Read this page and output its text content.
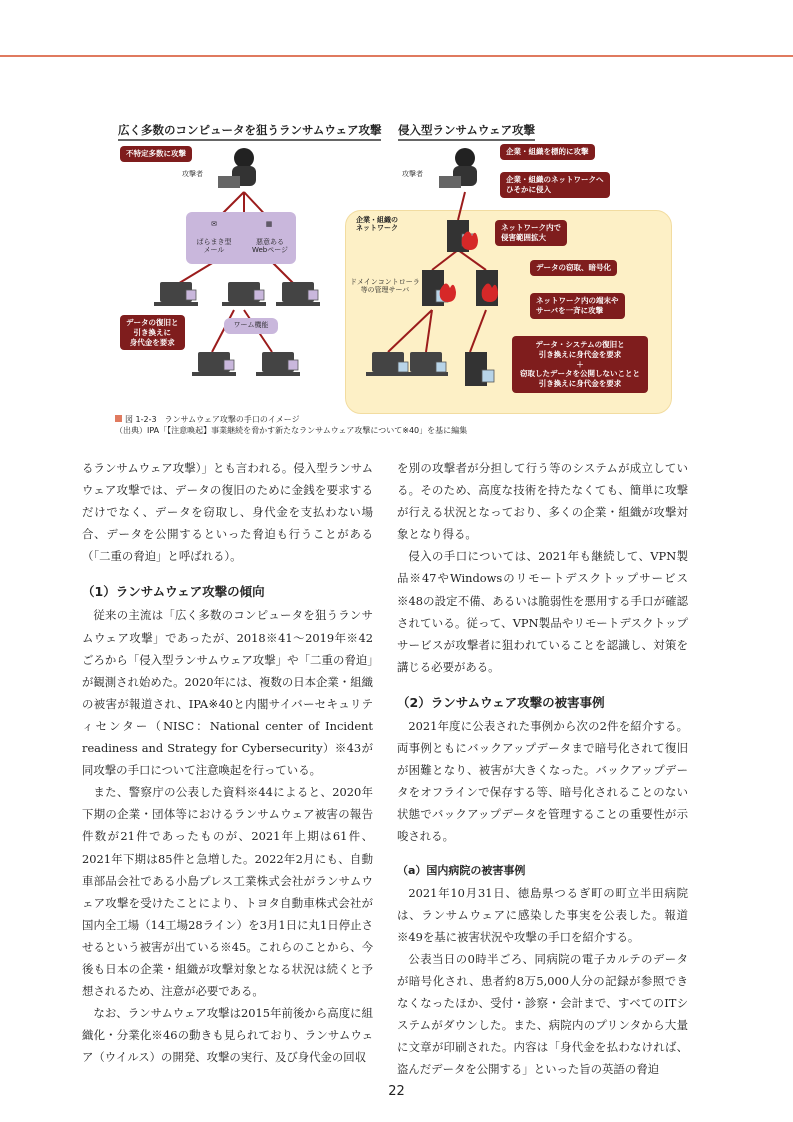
広く多数のコンピュータを狙うランサムウェア攻撃 侵入型ランサムウェア攻撃
✉	▦
ばらまき型
メール
悪意ある
Webページ
ワーム機能
不特定多数に攻撃
攻撃者
データの復旧と
引き換えに
身代金を要求
攻撃者
企業・組織を標的に攻撃
企業・組織のネットワークへ
ひそかに侵入
企業・組織の
ネットワーク	ネットワーク内で
侵害範囲拡大
データの窃取、暗号化
ドメインコントローラ
等の管理サーバ
ネットワーク内の端末や
サーバを一斉に攻撃
データ・システムの復旧と
引き換えに身代金を要求
＋
窃取したデータを公開しないことと
引き換えに身代金を要求
図 1-2-3　ランサムウェア攻撃の手口のイメージ
（出典）IPA「【注意喚起】事業継続を脅かす新たなランサムウェア攻撃について※40」を基に編集

るランサムウェア攻撃）」とも言われる。侵入型ランサムウェア攻撃では、データの復旧のために金銭を要求するだけでなく、データを窃取し、身代金を支払わない場合、データを公開するといった脅迫も行うことがある（「二重の脅迫」と呼ばれる）。

（1）ランサムウェア攻撃の傾向

従来の主流は「広く多数のコンピュータを狙うランサムウェア攻撃」であったが、2018※41～2019年※42ごろから「侵入型ランサムウェア攻撃」や「二重の脅迫」が観測され始めた。2020年には、複数の日本企業・組織の被害が報道され、IPA※40と内閣サイバーセキュリティセンター（NISC：National center of Incident readiness and Strategy for Cybersecurity）※43が同攻撃の手口について注意喚起を行っている。

また、警察庁の公表した資料※44によると、2020年下期の企業・団体等におけるランサムウェア被害の報告件数が21件であったものが、2021年上期は61件、2021年下期は85件と急増した。2022年2月にも、自動車部品会社である小島プレス工業株式会社がランサムウェア攻撃を受けたことにより、トヨタ自動車株式会社が国内全工場（14工場28ライン）を3月1日に丸1日停止させるという被害が出ている※45。これらのことから、今後も日本の企業・組織が攻撃対象となる状況は続くと予想されるため、注意が必要である。

なお、ランサムウェア攻撃は2015年前後から高度に組織化・分業化※46の動きも見られており、ランサムウェア（ウイルス）の開発、攻撃の実行、及び身代金の回収

を別の攻撃者が分担して行う等のシステムが成立している。そのため、高度な技術を持たなくても、簡単に攻撃が行える状況となっており、多くの企業・組織が攻撃対象となり得る。

侵入の手口については、2021年も継続して、VPN製品※47やWindowsのリモートデスクトップサービス※48の設定不備、あるいは脆弱性を悪用する手口が確認されている。従って、VPN製品やリモートデスクトップサービスが攻撃者に狙われていることを認識し、対策を講じる必要がある。

（2）ランサムウェア攻撃の被害事例

2021年度に公表された事例から次の2件を紹介する。両事例ともにバックアップデータまで暗号化されて復旧が困難となり、被害が大きくなった。バックアップデータをオフラインで保存する等、暗号化されることのない状態でバックアップデータを管理することの重要性が示唆される。

（a）国内病院の被害事例

2021年10月31日、徳島県つるぎ町の町立半田病院は、ランサムウェアに感染した事実を公表した。報道※49を基に被害状況や攻撃の手口を紹介する。

公表当日の0時半ごろ、同病院の電子カルテのデータが暗号化され、患者約8万5,000人分の記録が参照できなくなったほか、受付・診察・会計まで、すべてのITシステムがダウンした。また、病院内のプリンタから大量に文章が印刷された。内容は「身代金を払わなければ、盗んだデータを公開する」といった旨の英語の脅迫

22
